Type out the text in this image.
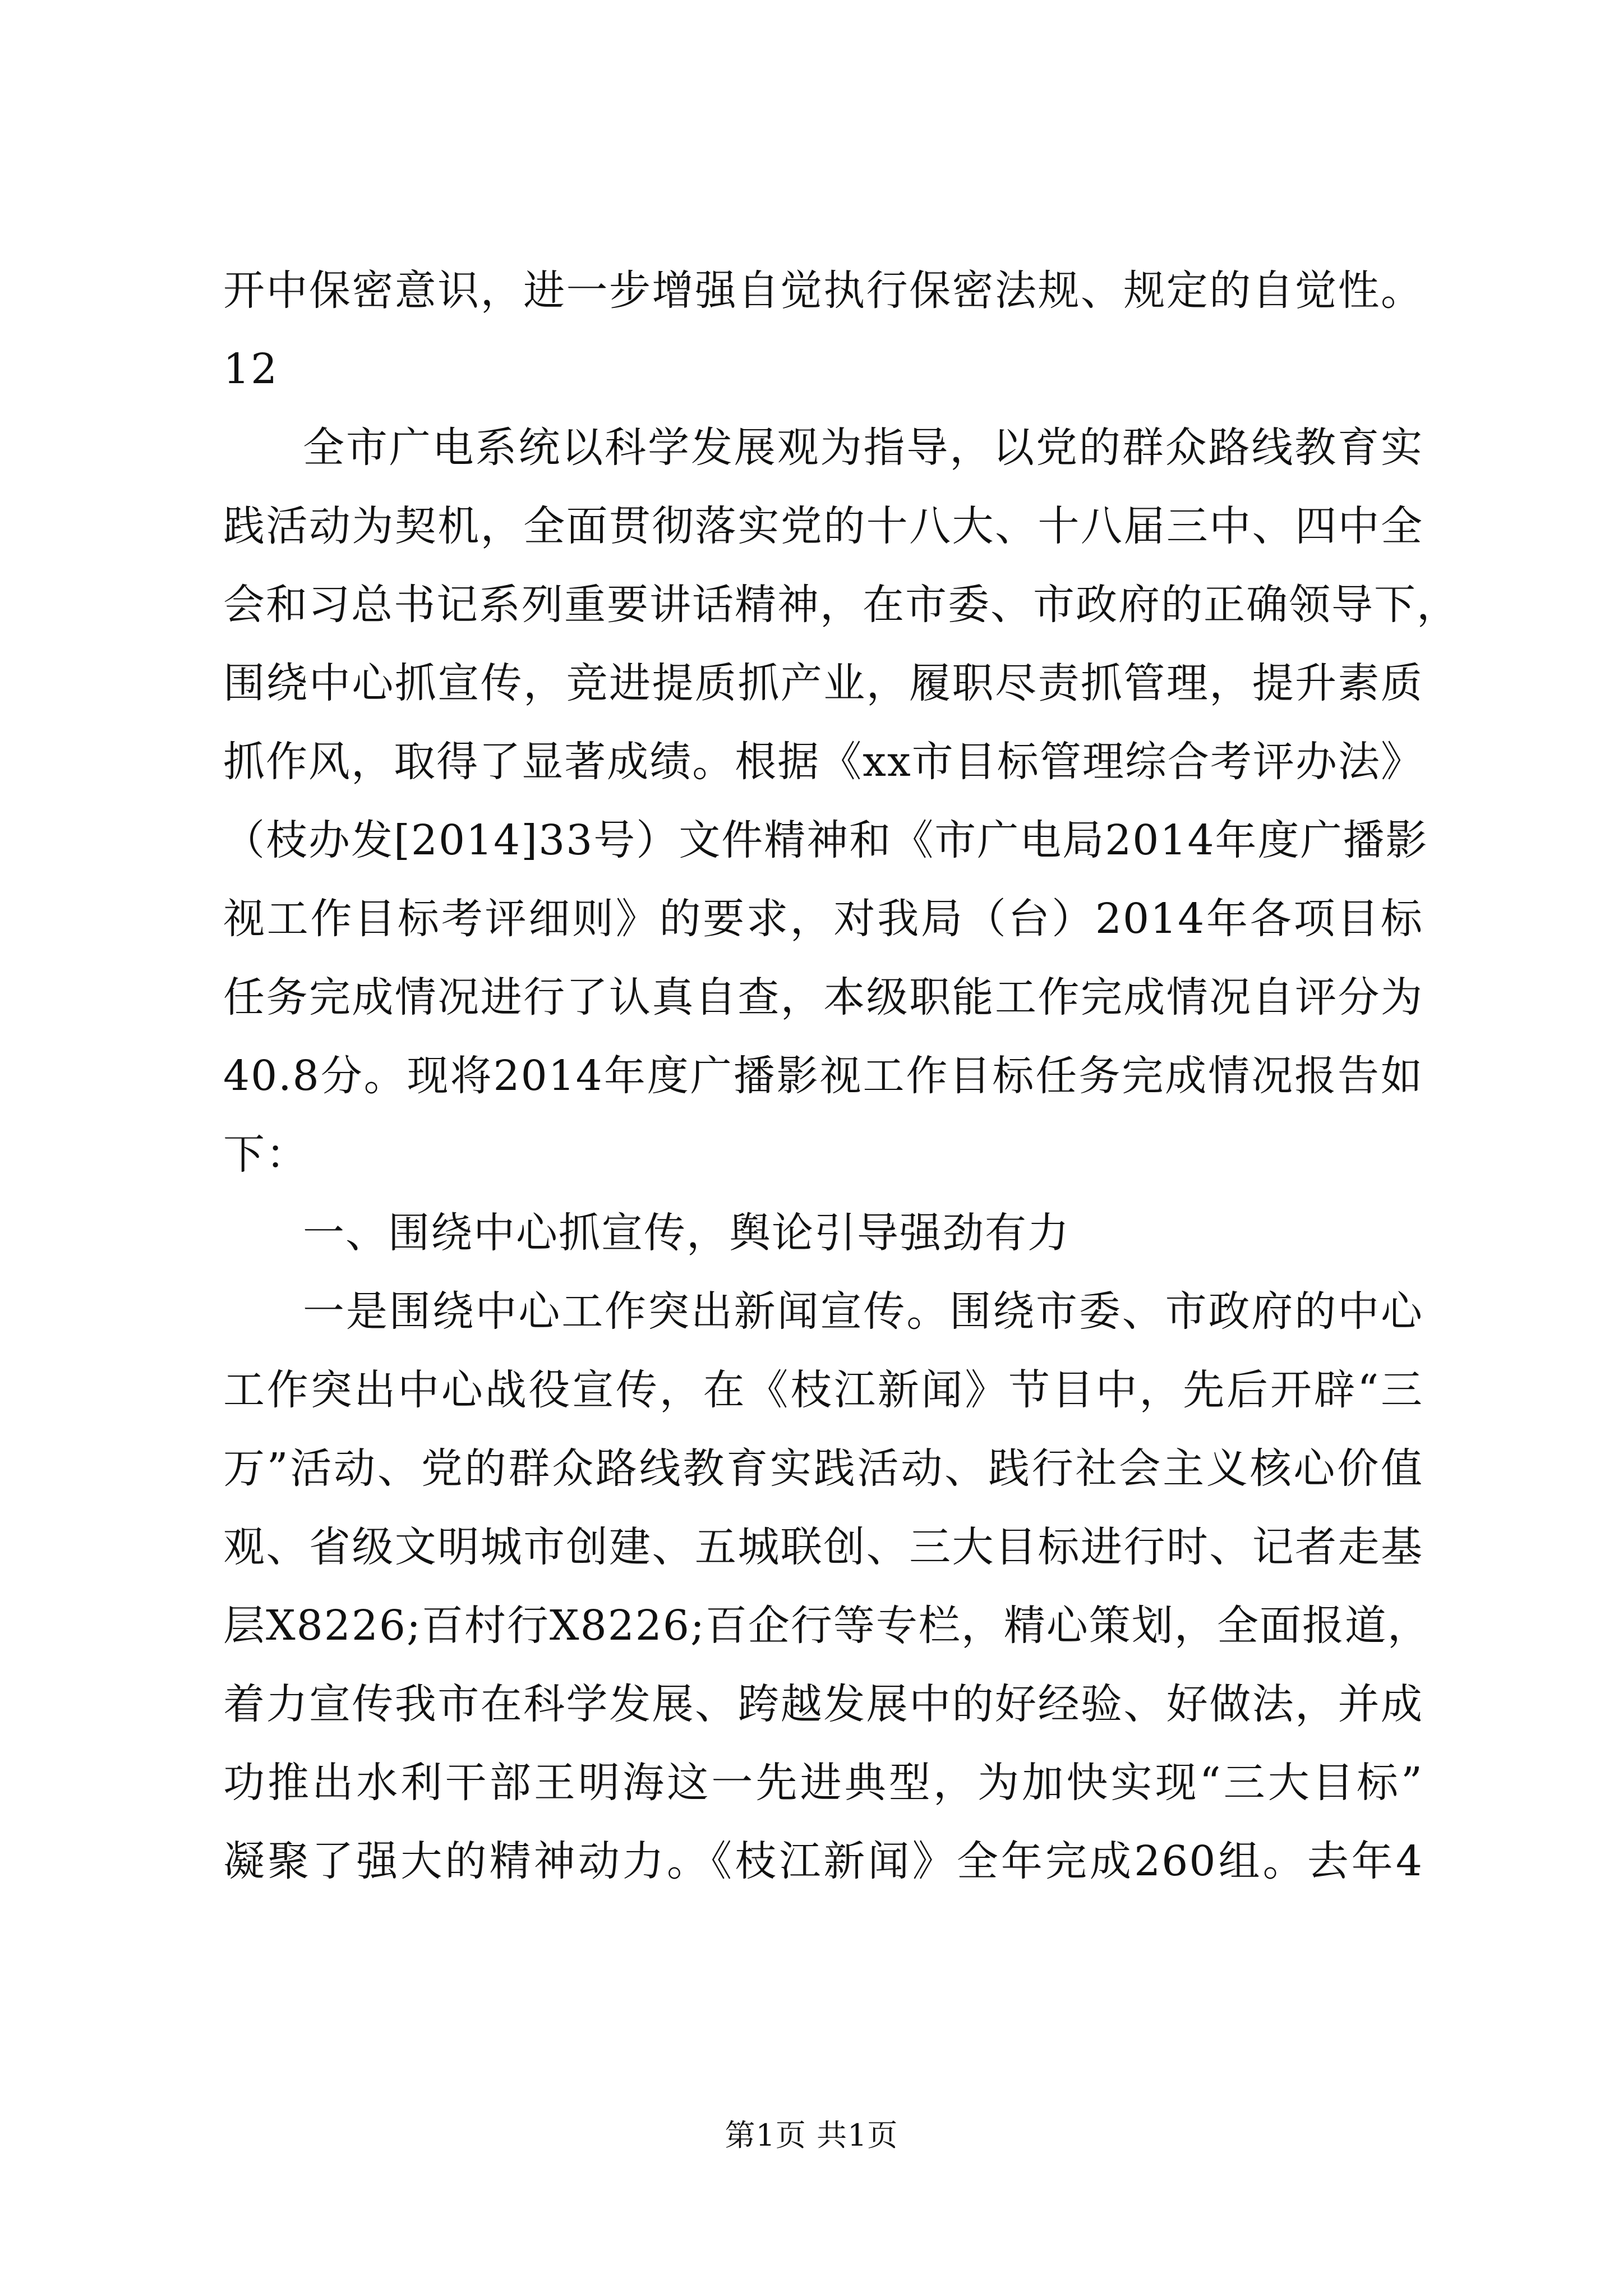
开中保密意识，进一步增强自觉执行保密法规、规定的自觉性。
12
全市广电系统以科学发展观为指导，以党的群众路线教育实
践活动为契机，全面贯彻落实党的十八大、十八届三中、四中全
会和习总书记系列重要讲话精神，在市委、市政府的正确领导下，
围绕中心抓宣传，竞进提质抓产业，履职尽责抓管理，提升素质
抓作风，取得了显著成绩。根据《xx市目标管理综合考评办法》
（枝办发[2014]33号）文件精神和《市广电局2014年度广播影
视工作目标考评细则》的要求，对我局（台）2014年各项目标
任务完成情况进行了认真自查，本级职能工作完成情况自评分为
40.8分。现将2014年度广播影视工作目标任务完成情况报告如
下：
一、围绕中心抓宣传，舆论引导强劲有力
一是围绕中心工作突出新闻宣传。围绕市委、市政府的中心
工作突出中心战役宣传，在《枝江新闻》节目中，先后开辟“三
万”活动、党的群众路线教育实践活动、践行社会主义核心价值
观、省级文明城市创建、五城联创、三大目标进行时、记者走基
层X8226;百村行X8226;百企行等专栏，精心策划，全面报道，
着力宣传我市在科学发展、跨越发展中的好经验、好做法，并成
功推出水利干部王明海这一先进典型，为加快实现“三大目标”
凝聚了强大的精神动力。《枝江新闻》全年完成260组。去年4
第1页 共1页
